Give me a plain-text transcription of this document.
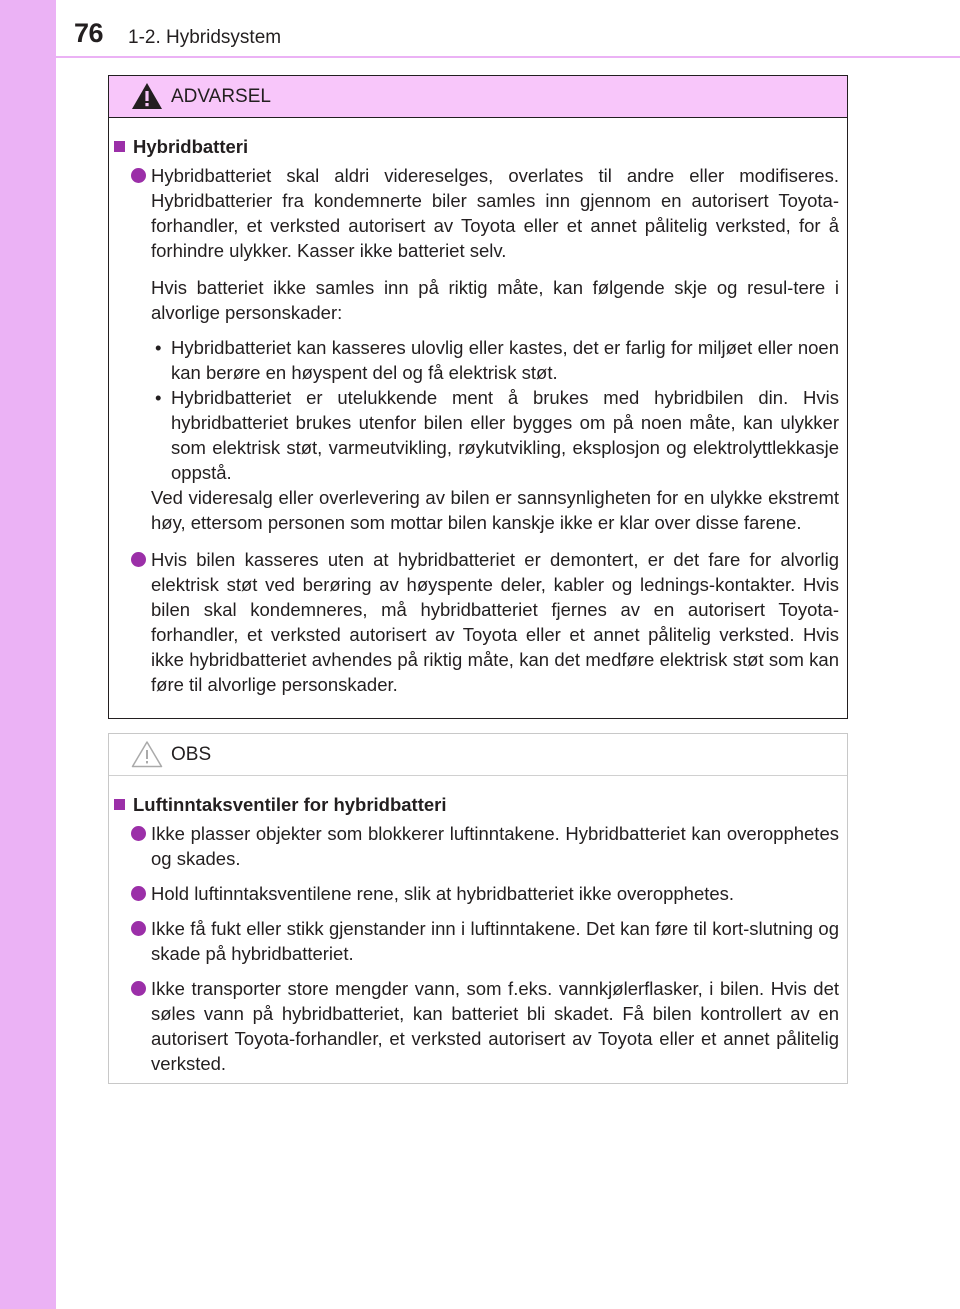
76 1-2. Hybridsystem
ADVARSEL
Hybridbatteri
Hybridbatteriet skal aldri videreselges, overlates til andre eller modifiseres. Hybridbatterier fra kondemnerte biler samles inn gjennom en autorisert Toyota-forhandler, et verksted autorisert av Toyota eller et annet pålitelig verksted, for å forhindre ulykker. Kasser ikke batteriet selv.

Hvis batteriet ikke samles inn på riktig måte, kan følgende skje og resul-tere i alvorlige personskader:

• Hybridbatteriet kan kasseres ulovlig eller kastes, det er farlig for miljøet eller noen kan berøre en høyspent del og få elektrisk støt.
• Hybridbatteriet er utelukkende ment å brukes med hybridbilen din. Hvis hybridbatteriet brukes utenfor bilen eller bygges om på noen måte, kan ulykker som elektrisk støt, varmeutvikling, røykutvikling, eksplosjon og elektrolyttlekkasje oppstå.

Ved videresalg eller overlevering av bilen er sannsynligheten for en ulykke ekstremt høy, ettersom personen som mottar bilen kanskje ikke er klar over disse farene.

Hvis bilen kasseres uten at hybridbatteriet er demontert, er det fare for alvorlig elektrisk støt ved berøring av høyspente deler, kabler og lednings-kontakter. Hvis bilen skal kondemneres, må hybridbatteriet fjernes av en autorisert Toyota-forhandler, et verksted autorisert av Toyota eller et annet pålitelig verksted. Hvis ikke hybridbatteriet avhendes på riktig måte, kan det medføre elektrisk støt som kan føre til alvorlige personskader.
OBS
Luftinntaksventiler for hybridbatteri
Ikke plasser objekter som blokkerer luftinntakene. Hybridbatteriet kan overopphetes og skades.
Hold luftinntaksventilene rene, slik at hybridbatteriet ikke overopphetes.
Ikke få fukt eller stikk gjenstander inn i luftinntakene. Det kan føre til kort-slutning og skade på hybridbatteriet.
Ikke transporter store mengder vann, som f.eks. vannkjølerflasker, i bilen. Hvis det søles vann på hybridbatteriet, kan batteriet bli skadet. Få bilen kontrollert av en autorisert Toyota-forhandler, et verksted autorisert av Toyota eller et annet pålitelig verksted.
